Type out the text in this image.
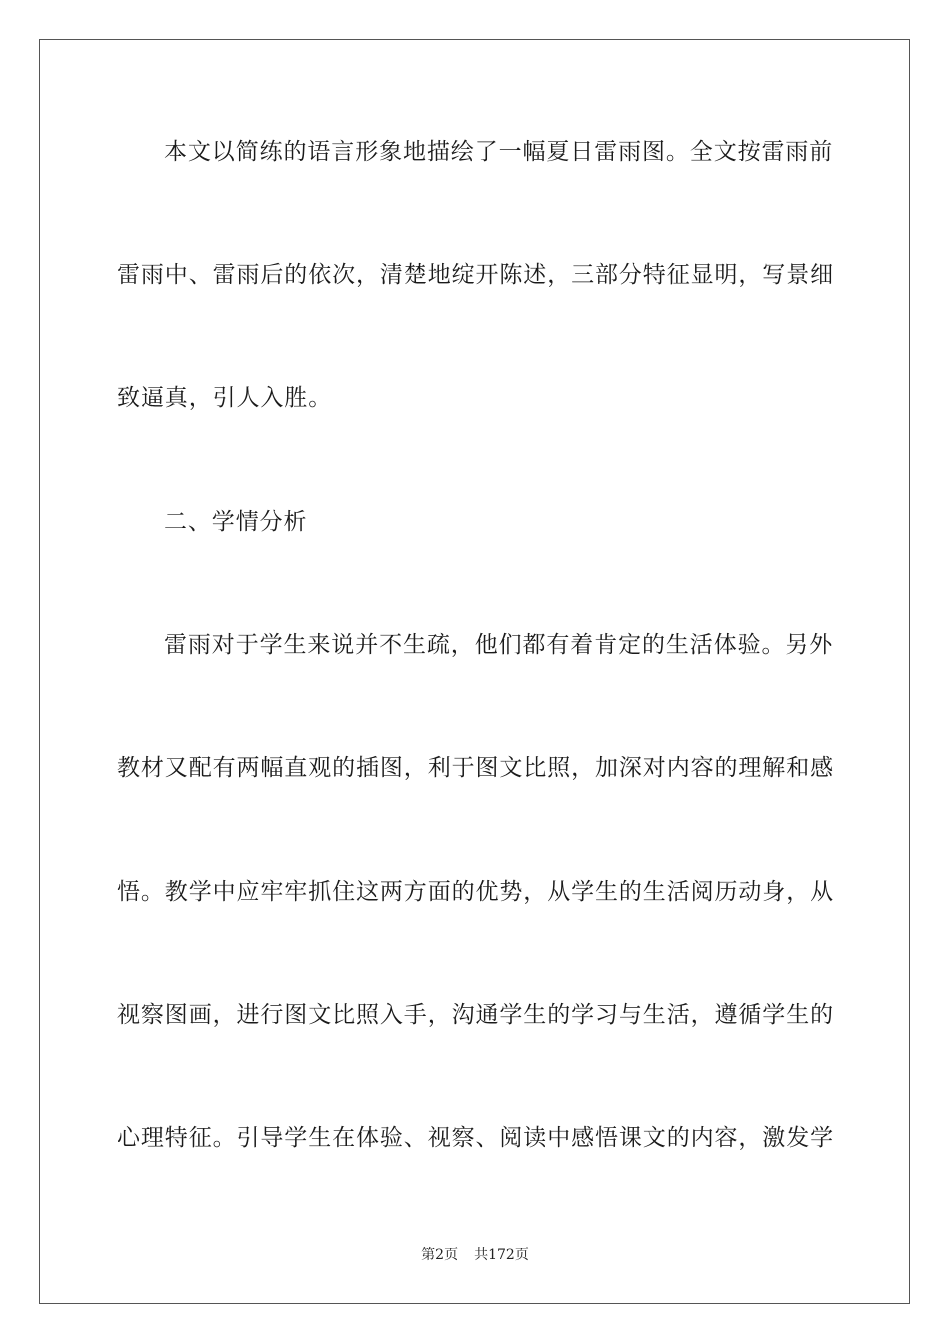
本文以简练的语言形象地描绘了一幅夏日雷雨图。全文按雷雨前
雷雨中、雷雨后的依次，清楚地绽开陈述，三部分特征显明，写景细
致逼真，引人入胜。
二、学情分析
雷雨对于学生来说并不生疏，他们都有着肯定的生活体验。另外
教材又配有两幅直观的插图，利于图文比照，加深对内容的理解和感
悟。教学中应牢牢抓住这两方面的优势，从学生的生活阅历动身，从
视察图画，进行图文比照入手，沟通学生的学习与生活，遵循学生的
心理特征。引导学生在体验、视察、阅读中感悟课文的内容，激发学
第2页 共172页
